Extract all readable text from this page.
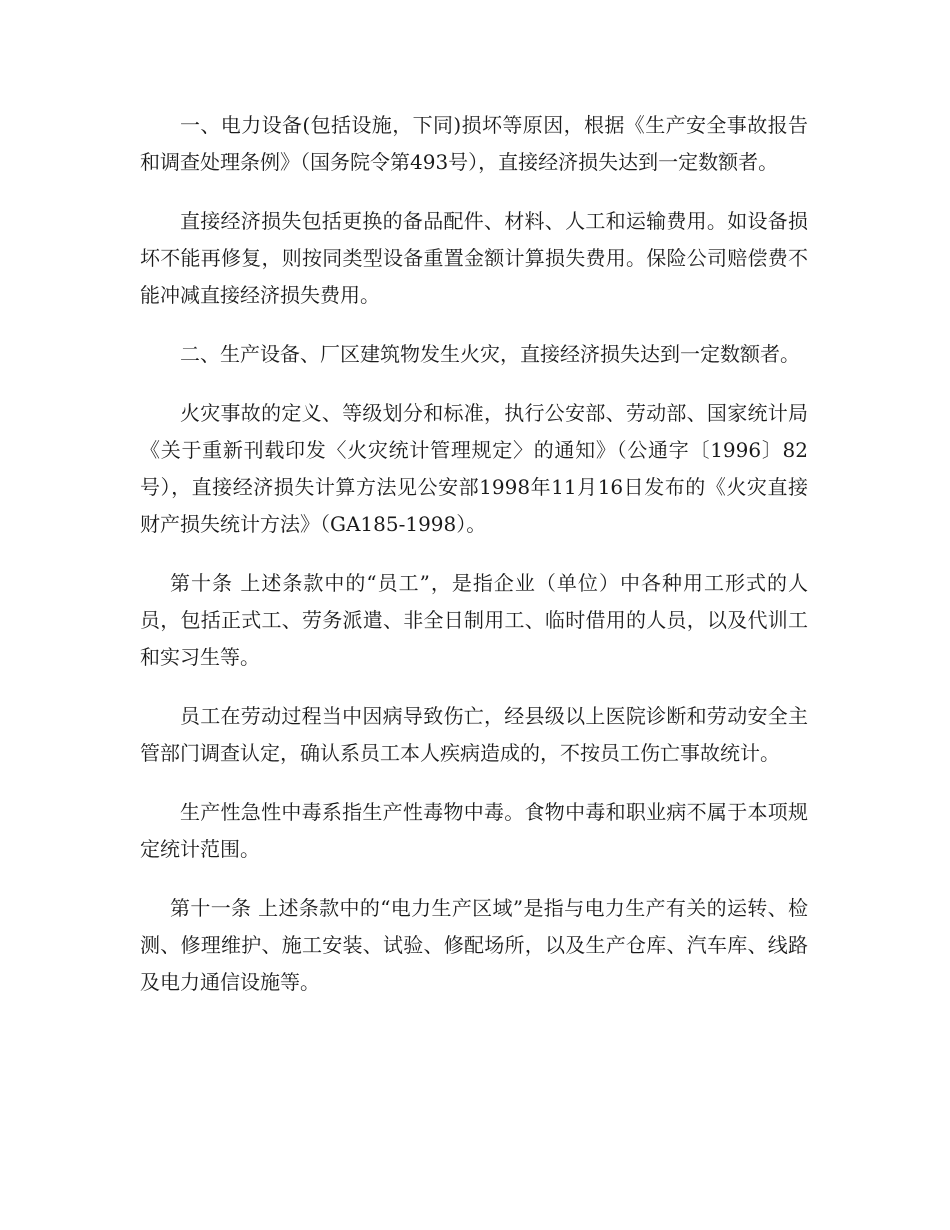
一、电力设备(包括设施，下同)损坏等原因，根据《生产安全事故报告和调查处理条例》（国务院令第493号），直接经济损失达到一定数额者。

直接经济损失包括更换的备品配件、材料、人工和运输费用。如设备损坏不能再修复，则按同类型设备重置金额计算损失费用。保险公司赔偿费不能冲减直接经济损失费用。

二、生产设备、厂区建筑物发生火灾，直接经济损失达到一定数额者。

火灾事故的定义、等级划分和标准，执行公安部、劳动部、国家统计局《关于重新刊载印发〈火灾统计管理规定〉的通知》（公通字〔1996〕82号），直接经济损失计算方法见公安部1998年11月16日发布的《火灾直接财产损失统计方法》（GA185-1998）。

第十条 上述条款中的“员工”，是指企业（单位）中各种用工形式的人员，包括正式工、劳务派遣、非全日制用工、临时借用的人员，以及代训工和实习生等。

员工在劳动过程当中因病导致伤亡，经县级以上医院诊断和劳动安全主管部门调查认定，确认系员工本人疾病造成的，不按员工伤亡事故统计。

生产性急性中毒系指生产性毒物中毒。食物中毒和职业病不属于本项规定统计范围。

第十一条 上述条款中的“电力生产区域”是指与电力生产有关的运转、检测、修理维护、施工安装、试验、修配场所，以及生产仓库、汽车库、线路及电力通信设施等。
